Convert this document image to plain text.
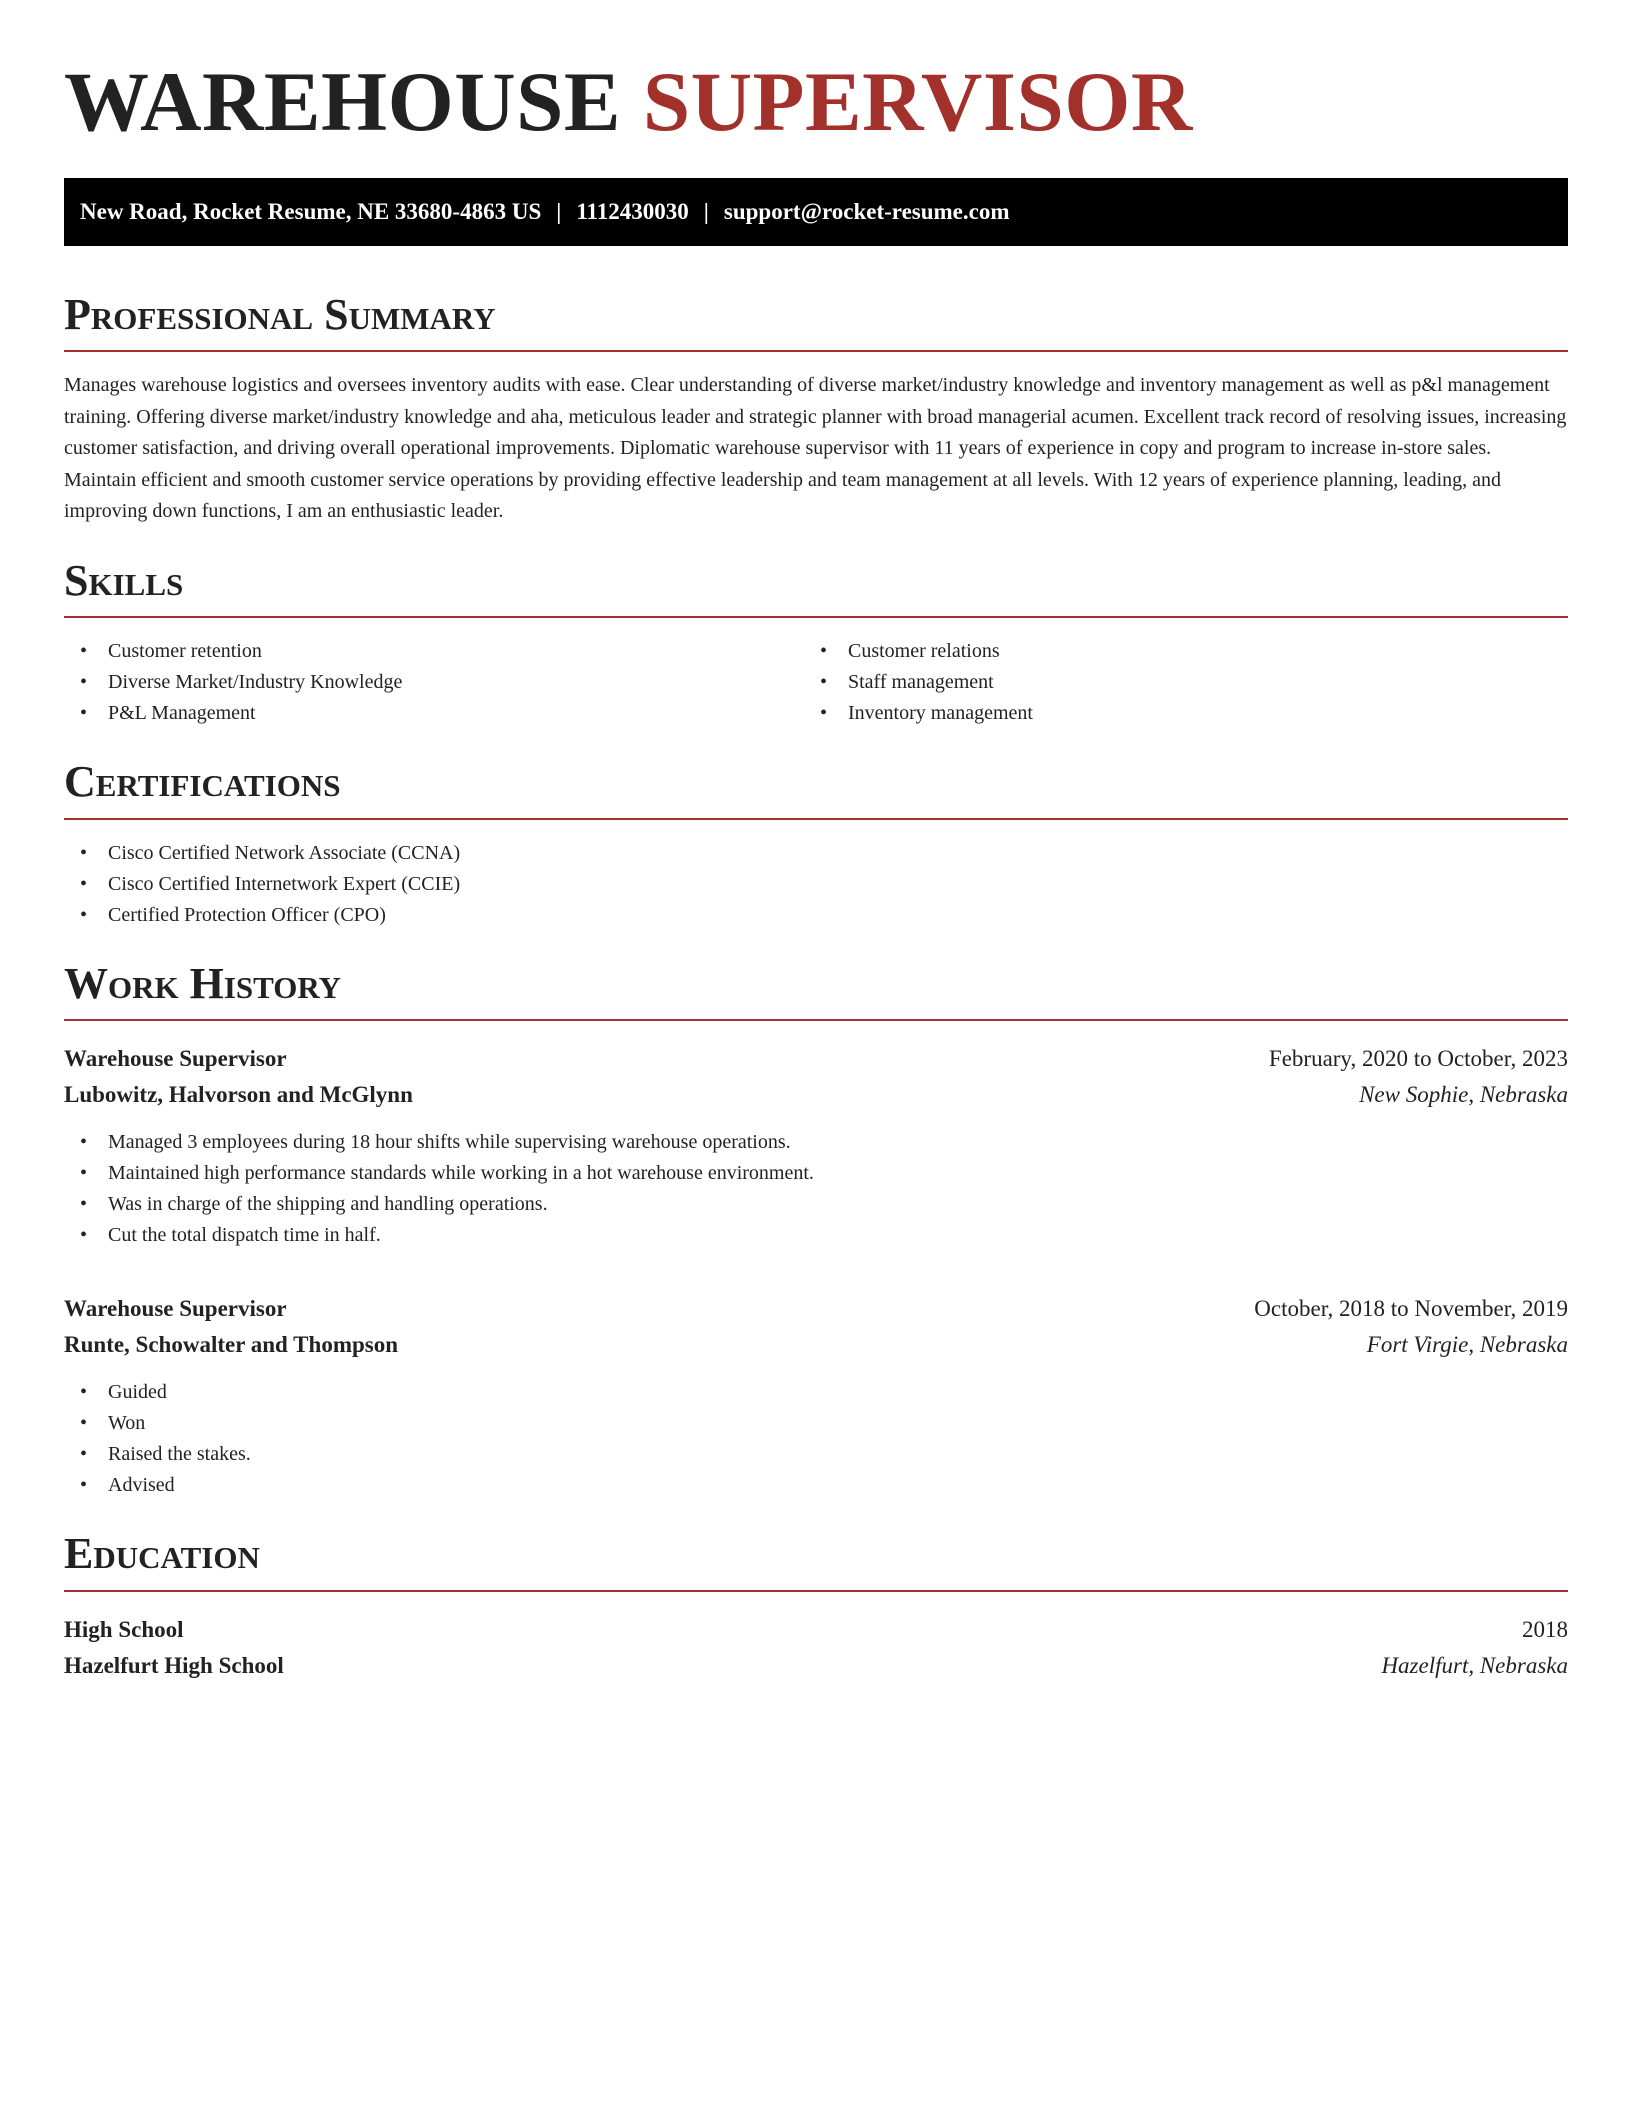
WAREHOUSE SUPERVISOR
New Road, Rocket Resume, NE 33680-4863 US | 1112430030 | support@rocket-resume.com
Professional Summary

Manages warehouse logistics and oversees inventory audits with ease. Clear understanding of diverse market/industry knowledge and inventory management as well as p&l management training. Offering diverse market/industry knowledge and aha, meticulous leader and strategic planner with broad managerial acumen. Excellent track record of resolving issues, increasing customer satisfaction, and driving overall operational improvements. Diplomatic warehouse supervisor with 11 years of experience in copy and program to increase in-store sales. Maintain efficient and smooth customer service operations by providing effective leadership and team management at all levels. With 12 years of experience planning, leading, and improving down functions, I am an enthusiastic leader.

Skills
• Customer retention
• Diverse Market/Industry Knowledge
• P&L Management
• Customer relations
• Staff management
• Inventory management
Certifications
• Cisco Certified Network Associate (CCNA)
• Cisco Certified Internetwork Expert (CCIE)
• Certified Protection Officer (CPO)
Work History
Warehouse Supervisor	February, 2020 to October, 2023
Lubowitz, Halvorson and McGlynn	New Sophie, Nebraska
• Managed 3 employees during 18 hour shifts while supervising warehouse operations.
• Maintained high performance standards while working in a hot warehouse environment.
• Was in charge of the shipping and handling operations.
• Cut the total dispatch time in half.
Warehouse Supervisor	October, 2018 to November, 2019
Runte, Schowalter and Thompson	Fort Virgie, Nebraska
• Guided
• Won
• Raised the stakes.
• Advised
Education
High School	2018
Hazelfurt High School	Hazelfurt, Nebraska
